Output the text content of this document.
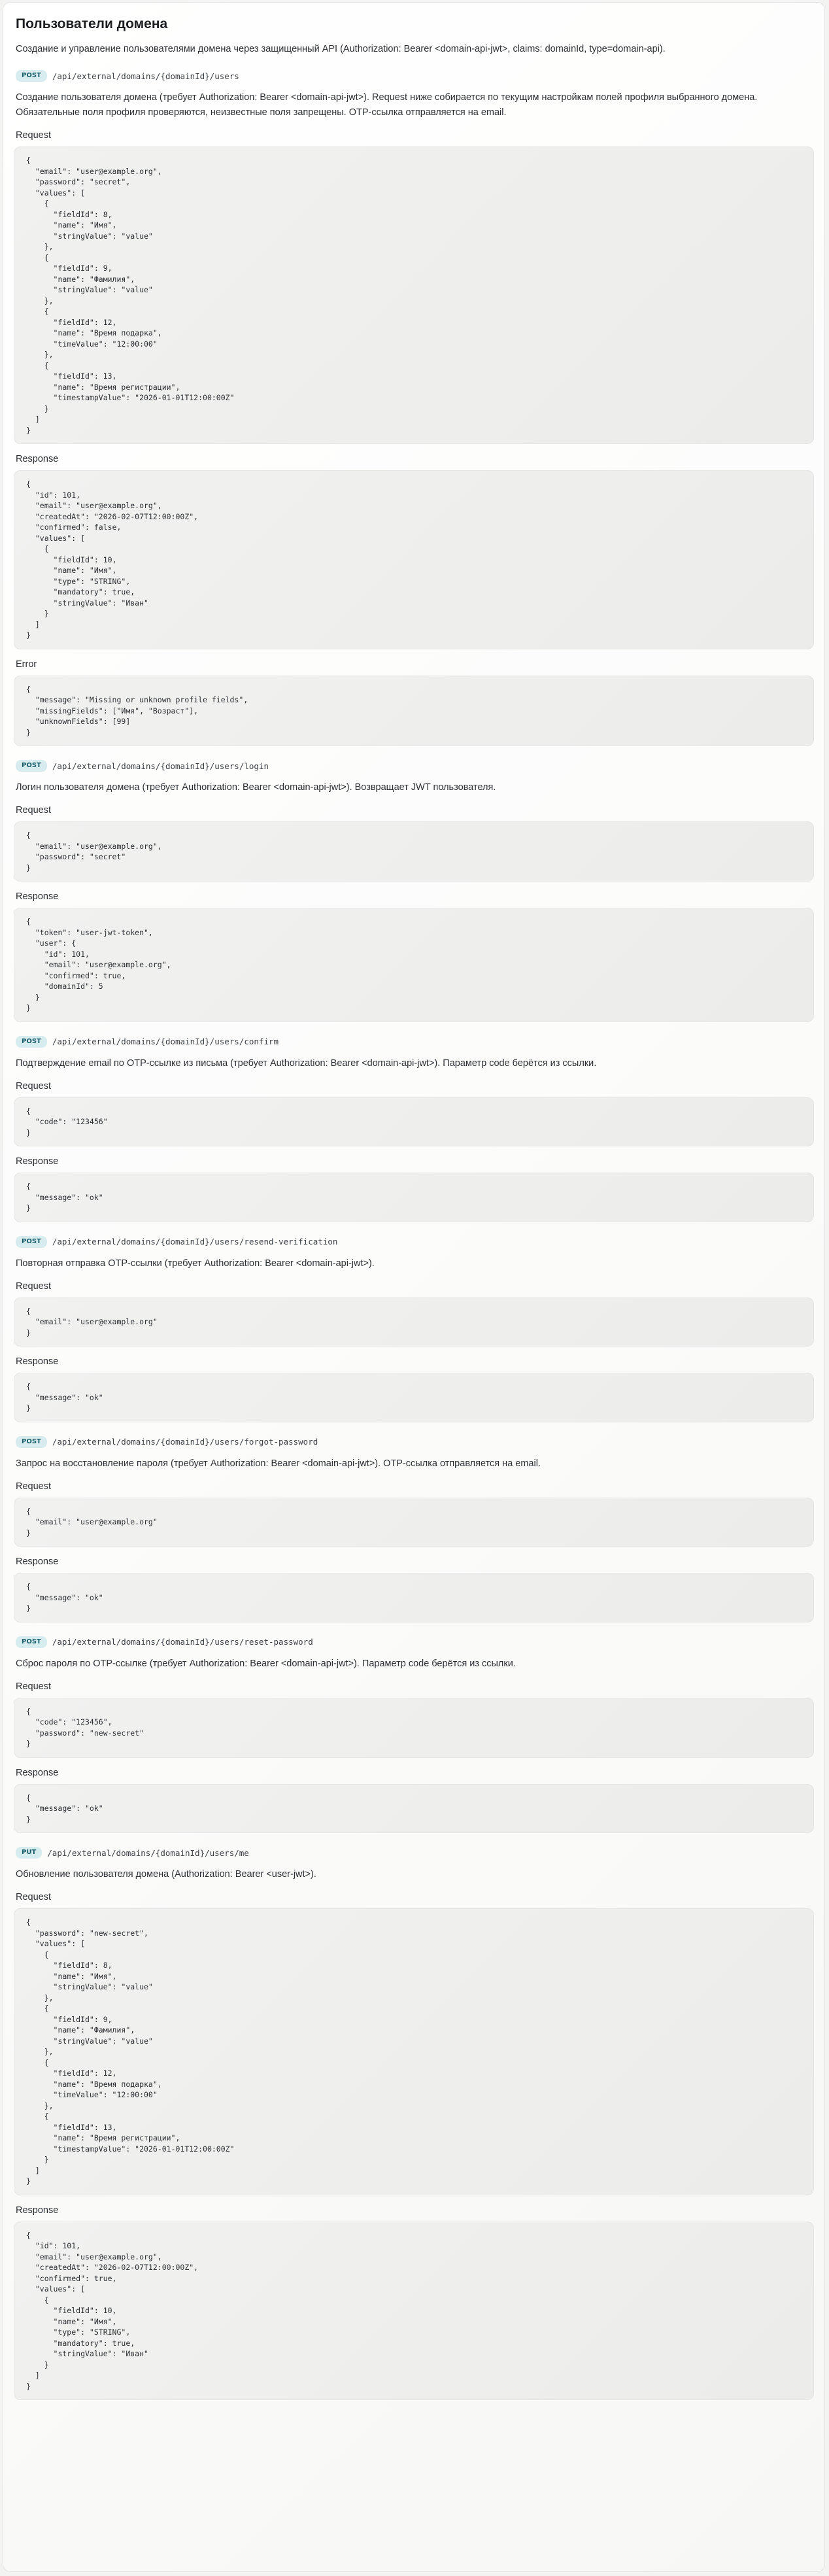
Пользователи домена
Создание и управление пользователями домена через защищенный API (Authorization: Bearer <domain-api-jwt>, claims: domainId, type=domain-api).
POST	/api/external/domains/{domainId}/users
Создание пользователя домена (требует Authorization: Bearer <domain-api-jwt>). Request ниже собирается по текущим настройкам полей профиля выбранного домена. Обязательные поля профиля проверяются, неизвестные поля запрещены. OTP-ссылка отправляется на email.
Request
{
"email": "user@example.org",
"password": "secret",
"values": [
{
"fieldId": 8,
"name": "Имя",
"stringValue": "value"
},
{
"fieldId": 9,
"name": "Фамилия",
"stringValue": "value"
},
{
"fieldId": 12,
"name": "Время подарка",
"timeValue": "12:00:00"
},
{
"fieldId": 13,
"name": "Время регистрации",
"timestampValue": "2026-01-01T12:00:00Z"
}
]
}
Response
{
"id": 101,
"email": "user@example.org",
"createdAt": "2026-02-07T12:00:00Z",
"confirmed": false,
"values": [
{
"fieldId": 10,
"name": "Имя",
"type": "STRING",
"mandatory": true,
"stringValue": "Иван"
}
]
}
Error
{
"message": "Missing or unknown profile fields",
"missingFields": ["Имя", "Возраст"],
"unknownFields": [99]
}
POST	/api/external/domains/{domainId}/users/login
Логин пользователя домена (требует Authorization: Bearer <domain-api-jwt>). Возвращает JWT пользователя.
Request
{
"email": "user@example.org",
"password": "secret"
}
Response
{
"token": "user-jwt-token",
"user": {
"id": 101,
"email": "user@example.org",
"confirmed": true,
"domainId": 5
}
}
POST	/api/external/domains/{domainId}/users/confirm
Подтверждение email по OTP-ссылке из письма (требует Authorization: Bearer <domain-api-jwt>). Параметр code берётся из ссылки.
Request
{
"code": "123456"
}
Response
{
"message": "ok"
}
POST	/api/external/domains/{domainId}/users/resend-verification
Повторная отправка OTP-ссылки (требует Authorization: Bearer <domain-api-jwt>).
Request
{
"email": "user@example.org"
}
Response
{
"message": "ok"
}
POST	/api/external/domains/{domainId}/users/forgot-password
Запрос на восстановление пароля (требует Authorization: Bearer <domain-api-jwt>). OTP-ссылка отправляется на email.
Request
{
"email": "user@example.org"
}
Response
{
"message": "ok"
}
POST	/api/external/domains/{domainId}/users/reset-password
Сброс пароля по OTP-ссылке (требует Authorization: Bearer <domain-api-jwt>). Параметр code берётся из ссылки.
Request
{
"code": "123456",
"password": "new-secret"
}
Response
{
"message": "ok"
}
PUT	/api/external/domains/{domainId}/users/me
Обновление пользователя домена (Authorization: Bearer <user-jwt>).
Request
{
"password": "new-secret",
"values": [
{
"fieldId": 8,
"name": "Имя",
"stringValue": "value"
},
{
"fieldId": 9,
"name": "Фамилия",
"stringValue": "value"
},
{
"fieldId": 12,
"name": "Время подарка",
"timeValue": "12:00:00"
},
{
"fieldId": 13,
"name": "Время регистрации",
"timestampValue": "2026-01-01T12:00:00Z"
}
]
}
Response
{
"id": 101,
"email": "user@example.org",
"createdAt": "2026-02-07T12:00:00Z",
"confirmed": true,
"values": [
{
"fieldId": 10,
"name": "Имя",
"type": "STRING",
"mandatory": true,
"stringValue": "Иван"
}
]
}
